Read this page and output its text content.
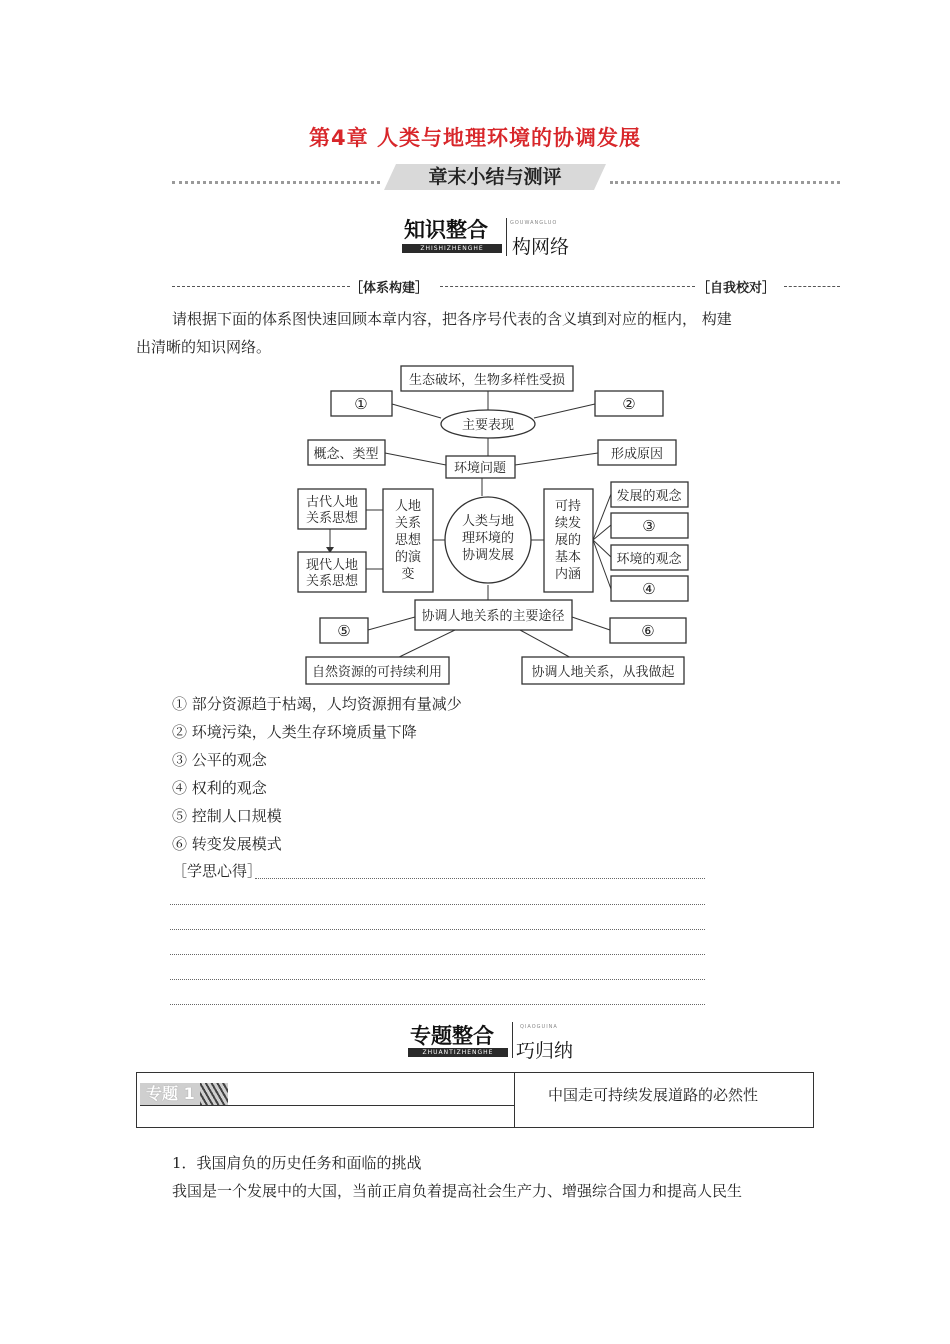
第4章 人类与地理环境的协调发展
章末小结与测评
知识整合
ZHISHIZHENGHE
GOUWANGLUO
构网络
［体系构建］	［自我校对］
请根据下面的体系图快速回顾本章内容，把各序号代表的含义填到对应的框内， 构建
出清晰的知识网络。
生态破坏，生物多样性受损
①	②
主要表现
概念、类型	形成原因
环境问题
古代人地
关系思想
现代人地
关系思想
人地
关系
思想
的演
变
人类与地
理环境的
协调发展
可持
续发
展的
基本
内涵
发展的观念
③
环境的观念
④
协调人地关系的主要途径
⑤	⑥
自然资源的可持续利用	协调人地关系，从我做起
① 部分资源趋于枯竭，人均资源拥有量减少
② 环境污染，人类生存环境质量下降
③ 公平的观念
④ 权利的观念
⑤ 控制人口规模
⑥ 转变发展模式
［学思心得］
专题整合
ZHUANTIZHENGHE
QIAOGUINA
巧归纳
专题 1	中国走可持续发展道路的必然性
1．我国肩负的历史任务和面临的挑战
我国是一个发展中的大国，当前正肩负着提高社会生产力、增强综合国力和提高人民生
